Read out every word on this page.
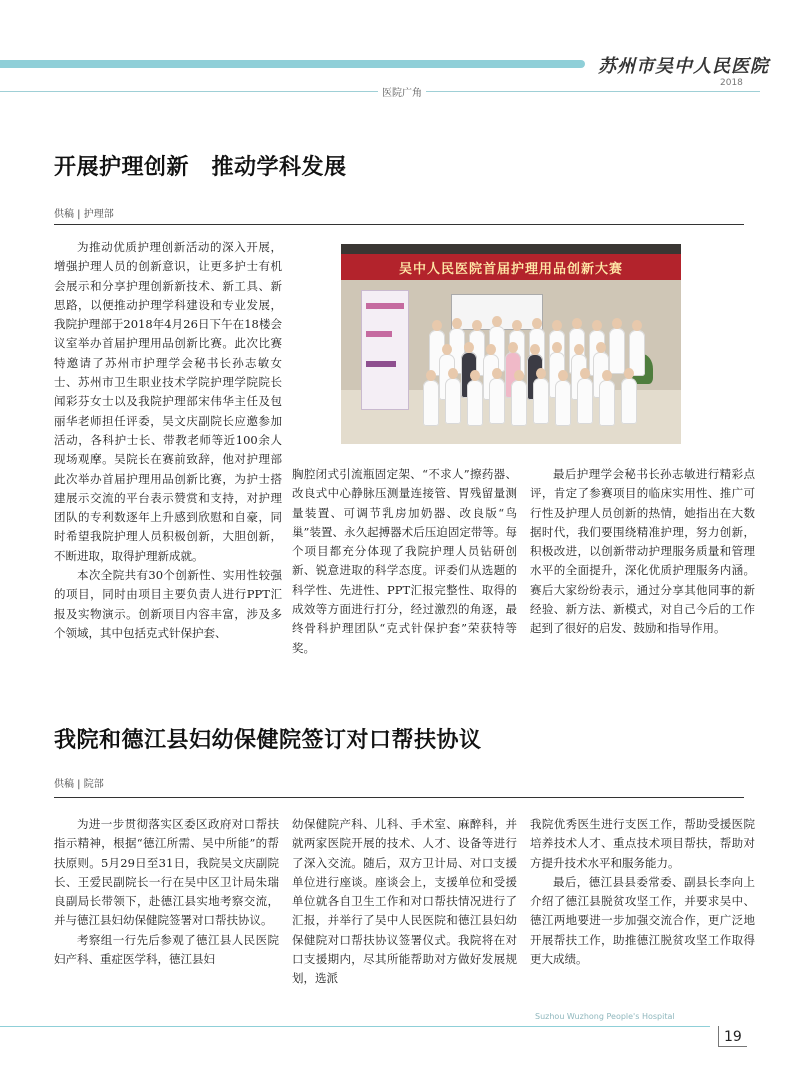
苏州市吴中人民医院
2018
医院广角
开展护理创新　推动学科发展
供稿 | 护理部

为推动优质护理创新活动的深入开展，增强护理人员的创新意识，让更多护士有机会展示和分享护理创新新技术、新工具、新思路，以便推动护理学科建设和专业发展，我院护理部于2018年4月26日下午在18楼会议室举办首届护理用品创新比赛。此次比赛特邀请了苏州市护理学会秘书长孙志敏女士、苏州市卫生职业技术学院护理学院院长闻彩芬女士以及我院护理部宋伟华主任及包丽华老师担任评委，吴文庆副院长应邀参加活动，各科护士长、带教老师等近100余人现场观摩。吴院长在赛前致辞，他对护理部此次举办首届护理用品创新比赛，为护士搭建展示交流的平台表示赞赏和支持，对护理团队的专利数逐年上升感到欣慰和自豪，同时希望我院护理人员积极创新，大胆创新，不断进取，取得护理新成就。

本次全院共有30个创新性、实用性较强的项目，同时由项目主要负责人进行PPT汇报及实物演示。创新项目内容丰富，涉及多个领域，其中包括克式针保护套、

吴中人民医院首届护理用品创新大赛

胸腔闭式引流瓶固定架、“不求人”擦药器、改良式中心静脉压测量连接管、胃残留量测量装置、可调节乳房加奶器、改良版“鸟巢”装置、永久起搏器术后压迫固定带等。每个项目都充分体现了我院护理人员钻研创新、锐意进取的科学态度。评委们从选题的科学性、先进性、PPT汇报完整性、取得的成效等方面进行打分，经过激烈的角逐，最终骨科护理团队“克式针保护套”荣获特等奖。

最后护理学会秘书长孙志敏进行精彩点评，肯定了参赛项目的临床实用性、推广可行性及护理人员创新的热情，她指出在大数据时代，我们要围绕精准护理，努力创新，积极改进，以创新带动护理服务质量和管理水平的全面提升，深化优质护理服务内涵。赛后大家纷纷表示，通过分享其他同事的新经验、新方法、新模式，对自己今后的工作起到了很好的启发、鼓励和指导作用。

我院和德江县妇幼保健院签订对口帮扶协议
供稿 | 院部

为进一步贯彻落实区委区政府对口帮扶指示精神，根据“德江所需、吴中所能”的帮扶原则。5月29日至31日，我院吴文庆副院长、王爱民副院长一行在吴中区卫计局朱瑞良副局长带领下，赴德江县实地考察交流，并与德江县妇幼保健院签署对口帮扶协议。

考察组一行先后参观了德江县人民医院妇产科、重症医学科，德江县妇

幼保健院产科、儿科、手术室、麻醉科，并就两家医院开展的技术、人才、设备等进行了深入交流。随后，双方卫计局、对口支援单位进行座谈。座谈会上，支援单位和受援单位就各自卫生工作和对口帮扶情况进行了汇报，并举行了吴中人民医院和德江县妇幼保健院对口帮扶协议签署仪式。我院将在对口支援期内，尽其所能帮助对方做好发展规划，选派

我院优秀医生进行支医工作，帮助受援医院培养技术人才、重点技术项目帮扶，帮助对方提升技术水平和服务能力。

最后，德江县县委常委、副县长李向上介绍了德江县脱贫攻坚工作，并要求吴中、德江两地要进一步加强交流合作，更广泛地开展帮扶工作，助推德江脱贫攻坚工作取得更大成绩。

Suzhou Wuzhong People's Hospital
19
